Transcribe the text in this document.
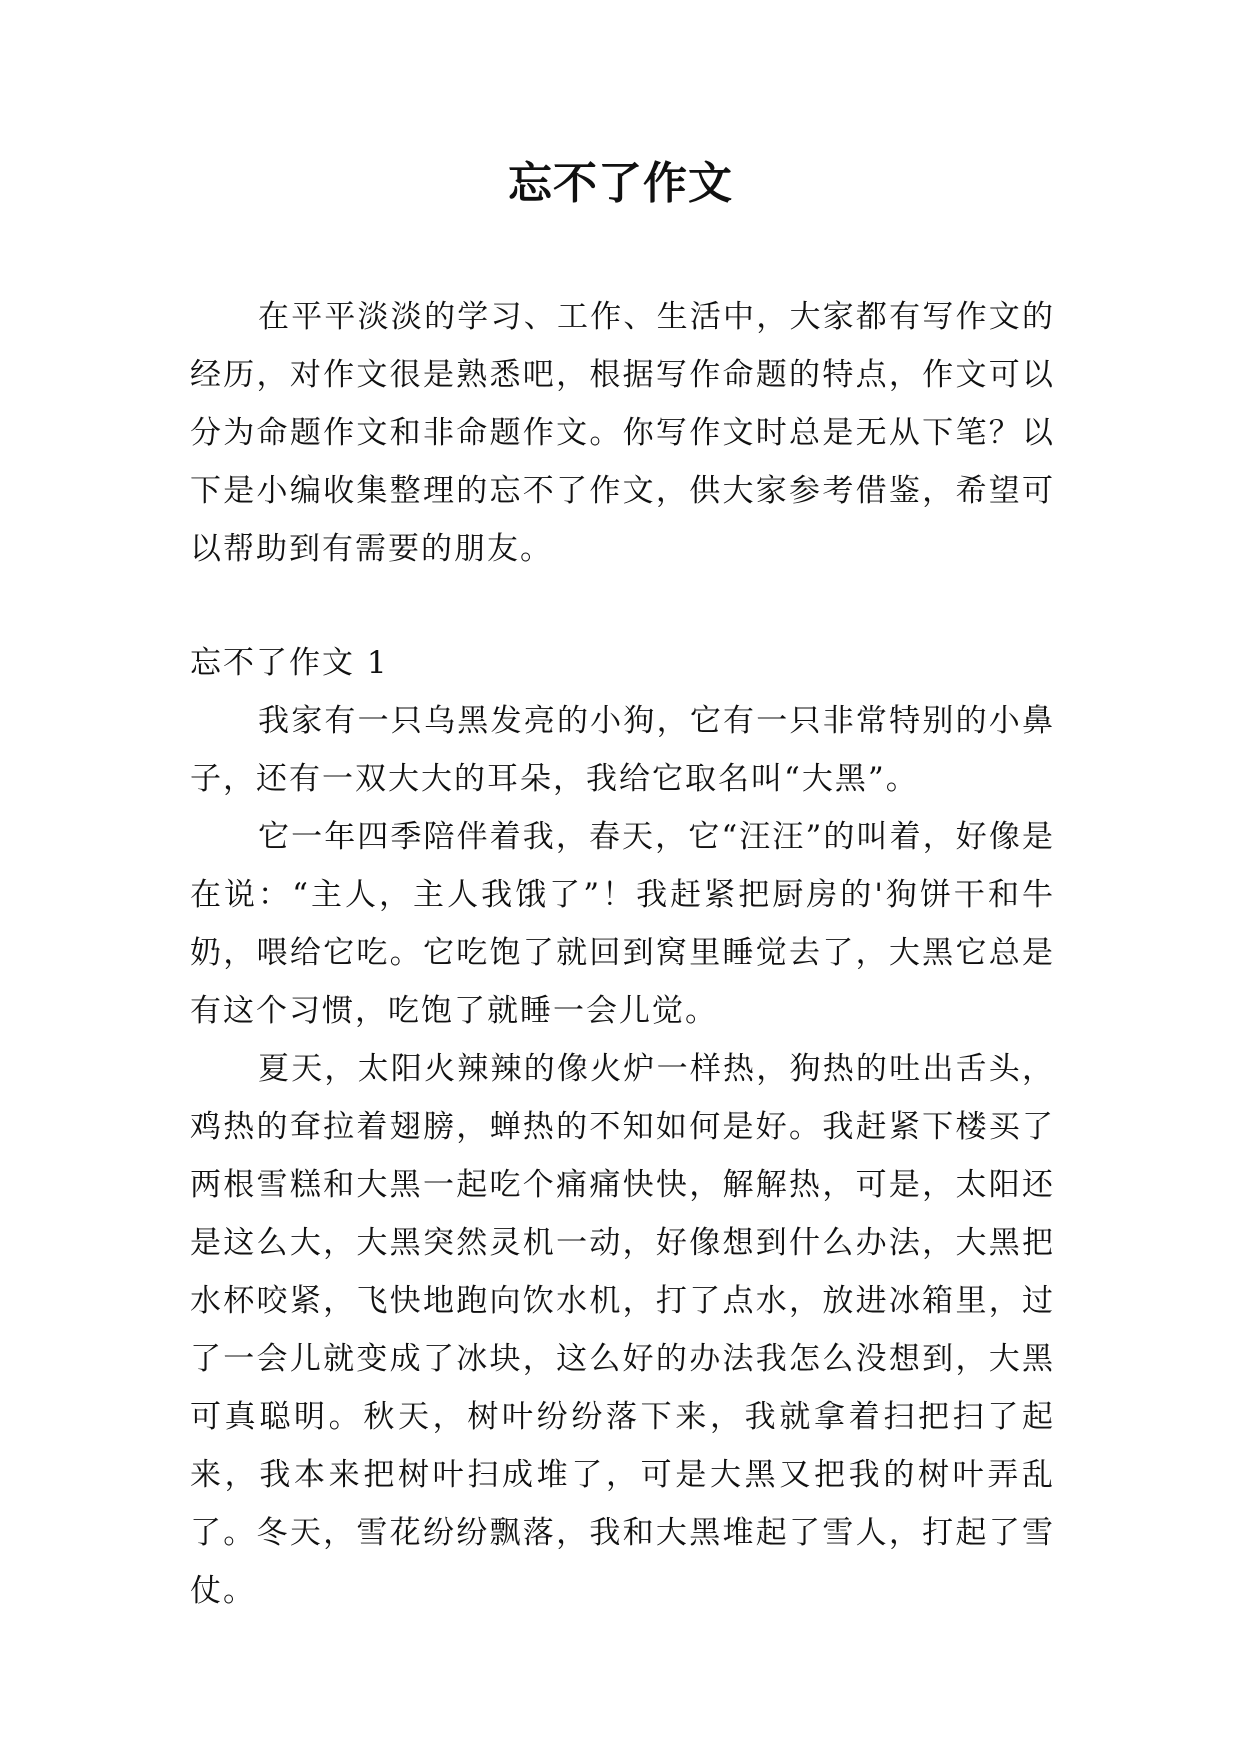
忘不了作文

在平平淡淡的学习、工作、生活中，大家都有写作文的经历，对作文很是熟悉吧，根据写作命题的特点，作文可以分为命题作文和非命题作文。你写作文时总是无从下笔？以下是小编收集整理的忘不了作文，供大家参考借鉴，希望可以帮助到有需要的朋友。

忘不了作文 1

我家有一只乌黑发亮的小狗，它有一只非常特别的小鼻子，还有一双大大的耳朵，我给它取名叫“大黑”。

它一年四季陪伴着我，春天，它“汪汪”的叫着，好像是在说：“主人，主人我饿了”！我赶紧把厨房的'狗饼干和牛奶，喂给它吃。它吃饱了就回到窝里睡觉去了，大黑它总是有这个习惯，吃饱了就睡一会儿觉。

夏天，太阳火辣辣的像火炉一样热，狗热的吐出舌头，鸡热的耷拉着翅膀，蝉热的不知如何是好。我赶紧下楼买了两根雪糕和大黑一起吃个痛痛快快，解解热，可是，太阳还是这么大，大黑突然灵机一动，好像想到什么办法，大黑把水杯咬紧，飞快地跑向饮水机，打了点水，放进冰箱里，过了一会儿就变成了冰块，这么好的办法我怎么没想到，大黑可真聪明。秋天，树叶纷纷落下来，我就拿着扫把扫了起来，我本来把树叶扫成堆了，可是大黑又把我的树叶弄乱了。冬天，雪花纷纷飘落，我和大黑堆起了雪人，打起了雪仗。
